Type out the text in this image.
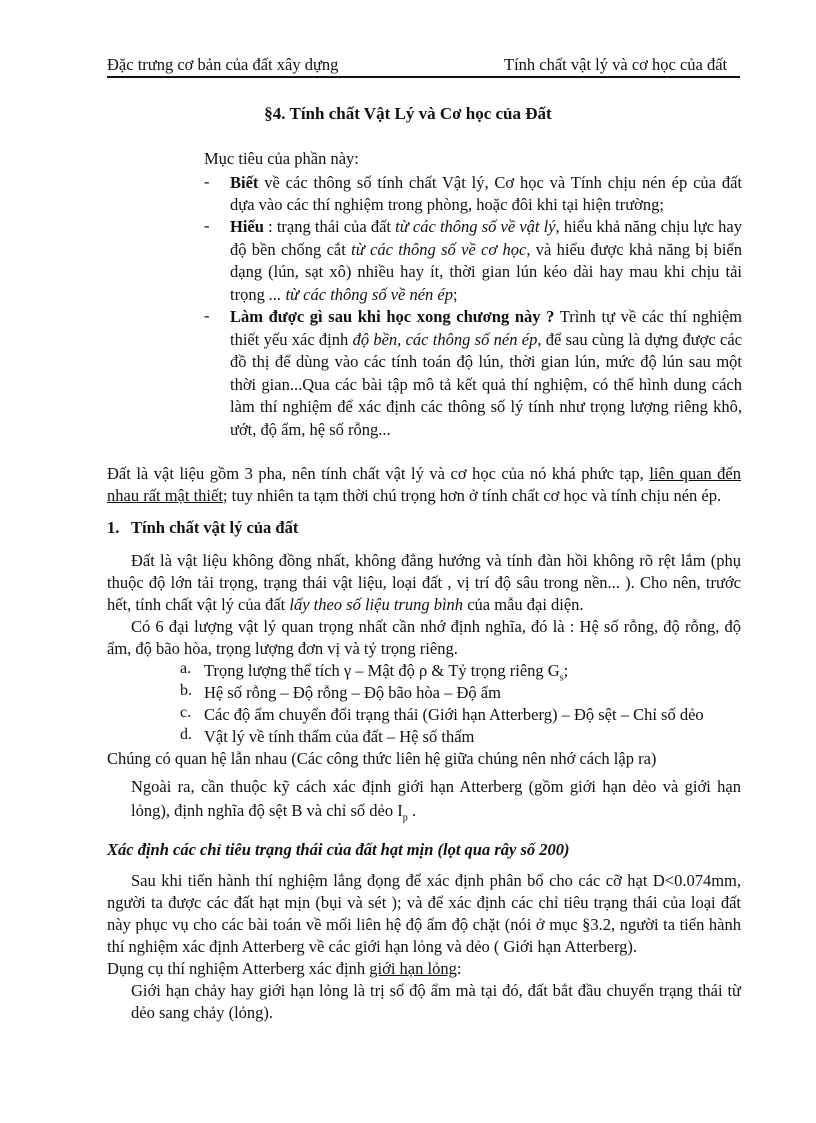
Đặc trưng cơ bản của đất xây dựng	Tính chất vật lý và cơ học của đất
§4. Tính chất Vật Lý và Cơ học của Đất
Mục tiêu của phần này:
- Biết về các thông số tính chất Vật lý, Cơ học và Tính chịu nén ép của đất
dựa vào các thí nghiệm trong phòng, hoặc đôi khi tại hiện trường;
- Hiểu : trạng thái của đất từ các thông số về vật lý, hiểu khả năng chịu lực hay
độ bền chống cắt từ các thông số về cơ học, và hiểu được khả năng bị biến
dạng (lún, sạt xô) nhiều hay ít, thời gian lún kéo dài hay mau khi chịu tải
trọng ... từ các thông số về nén ép;
- Làm được gì sau khi học xong chương này ? Trình tự về các thí nghiệm
thiết yếu xác định độ bền, các thông số nén ép, để sau cùng là dựng được các
đồ thị để dùng vào các tính toán độ lún, thời gian lún, mức độ lún sau một
thời gian...Qua các bài tập mô tả kết quả thí nghiệm, có thể hình dung cách
làm thí nghiệm để xác định các thông số lý tính như trọng lượng riêng khô,
ướt, độ ẩm, hệ số rỗng...
Đất là vật liệu gồm 3 pha, nên tính chất vật lý và cơ học của nó khá phức tạp, liên quan đến
nhau rất mật thiết; tuy nhiên ta tạm thời chú trọng hơn ở tính chất cơ học và tính chịu nén ép.
1. Tính chất vật lý của đất
Đất là vật liệu không đồng nhất, không đẳng hướng và tính đàn hồi không rõ rệt lắm (phụ
thuộc độ lớn tải trọng, trạng thái vật liệu, loại đất , vị trí độ sâu trong nền... ). Cho nên, trước
hết, tính chất vật lý của đất lấy theo số liệu trung bình của mẫu đại diện.
Có 6 đại lượng vật lý quan trọng nhất cần nhớ định nghĩa, đó là : Hệ số rỗng, độ rỗng, độ
ẩm, độ bão hòa, trọng lượng đơn vị và tỷ trọng riêng.
a. Trọng lượng thể tích γ – Mật độ ρ & Tỷ trọng riêng $G_s$;
b. Hệ số rỗng – Độ rỗng – Độ bão hòa – Độ ẩm
c. Các độ ẩm chuyển đổi trạng thái (Giới hạn Atterberg) – Độ sệt – Chỉ số dẻo
d. Vật lý về tính thấm của đất – Hệ số thấm
Chúng có quan hệ lẫn nhau (Các công thức liên hệ giữa chúng nên nhớ cách lập ra)
Ngoài ra, cần thuộc kỹ cách xác định giới hạn Atterberg (gồm giới hạn dẻo và giới hạn
lỏng), định nghĩa độ sệt B và chỉ số dẻo $I_p$ .
Xác định các chỉ tiêu trạng thái của đất hạt mịn (lọt qua rây số 200)
Sau khi tiến hành thí nghiệm lắng đọng để xác định phân bố cho các cỡ hạt D<0.074mm,
người ta được các đất hạt mịn (bụi và sét ); và để xác định các chỉ tiêu trạng thái của loại đất
này phục vụ cho các bài toán về mối liên hệ độ ẩm độ chặt (nói ở mục §3.2, người ta tiến hành
thí nghiệm xác định Atterberg về các giới hạn lỏng và dẻo ( Giới hạn Atterberg).
Dụng cụ thí nghiệm Atterberg xác định giới hạn lỏng:
Giới hạn chảy hay giới hạn lỏng là trị số độ ẩm mà tại đó, đất bắt đầu chuyển trạng thái từ
dẻo sang chảy (lỏng).
